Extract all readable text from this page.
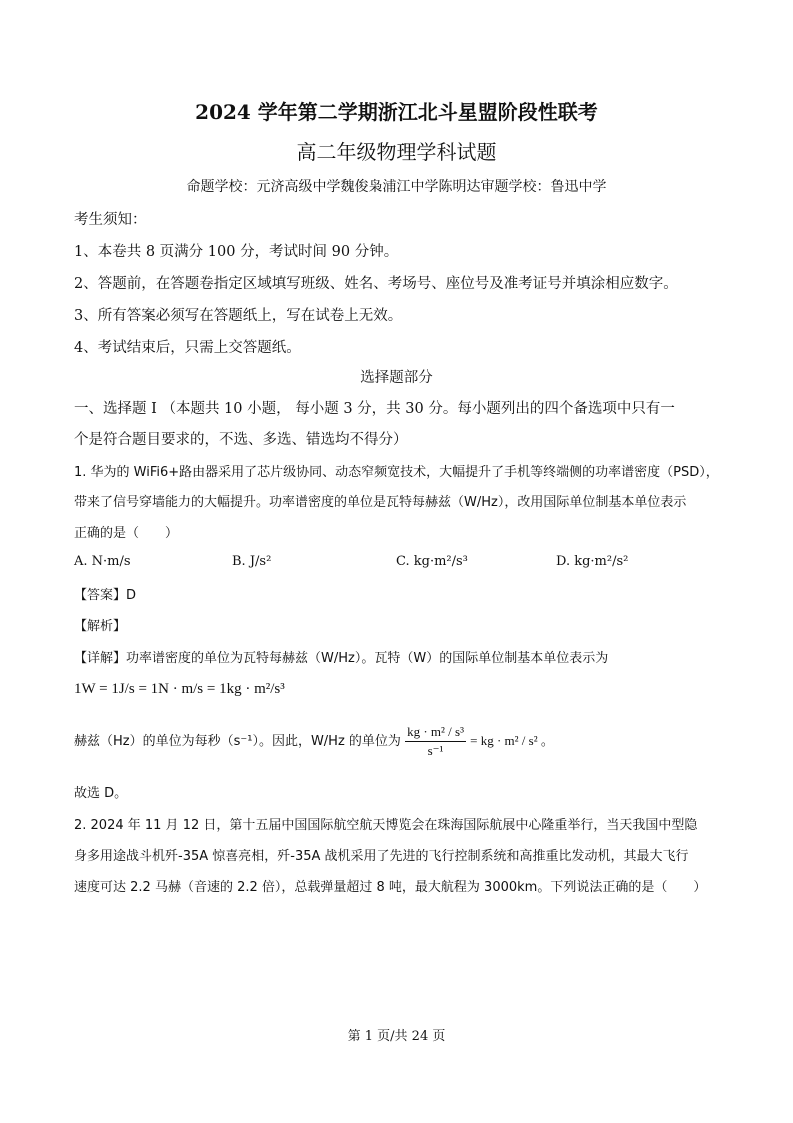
2024 学年第二学期浙江北斗星盟阶段性联考
高二年级物理学科试题
命题学校：元济高级中学魏俊枭浦江中学陈明达审题学校：鲁迅中学
考生须知：
1、本卷共 8 页满分 100 分，考试时间 90 分钟。
2、答题前，在答题卷指定区域填写班级、姓名、考场号、座位号及准考证号并填涂相应数字。
3、所有答案必须写在答题纸上，写在试卷上无效。
4、考试结束后，只需上交答题纸。
选择题部分
一、选择题 I （本题共 10 小题， 每小题 3 分，共 30 分。每小题列出的四个备选项中只有一
个是符合题目要求的，不选、多选、错选均不得分）
1. 华为的 WiFi6+路由器采用了芯片级协同、动态窄频宽技术，大幅提升了手机等终端侧的功率谱密度（PSD），
带来了信号穿墙能力的大幅提升。功率谱密度的单位是瓦特每赫兹（W/Hz），改用国际单位制基本单位表示
正确的是（　　）
A. N·m/s	B. J/s²	C. kg·m²/s³	D. kg·m²/s²
【答案】D
【解析】
【详解】功率谱密度的单位为瓦特每赫兹（W/Hz）。瓦特（W）的国际单位制基本单位表示为
1W = 1J/s = 1N · m/s = 1kg · m²/s³
赫兹（Hz）的单位为每秒（s⁻¹）。因此，W/Hz 的单位为 $\frac{\text{kg · m² / s³}}{\text{s⁻¹}}$ = kg · m² / s² 。
故选 D。
2. 2024 年 11 月 12 日，第十五届中国国际航空航天博览会在珠海国际航展中心隆重举行，当天我国中型隐
身多用途战斗机歼-35A 惊喜亮相，歼-35A 战机采用了先进的飞行控制系统和高推重比发动机，其最大飞行
速度可达 2.2 马赫（音速的 2.2 倍），总载弹量超过 8 吨，最大航程为 3000km。下列说法正确的是（　　）
第 1 页/共 24 页
